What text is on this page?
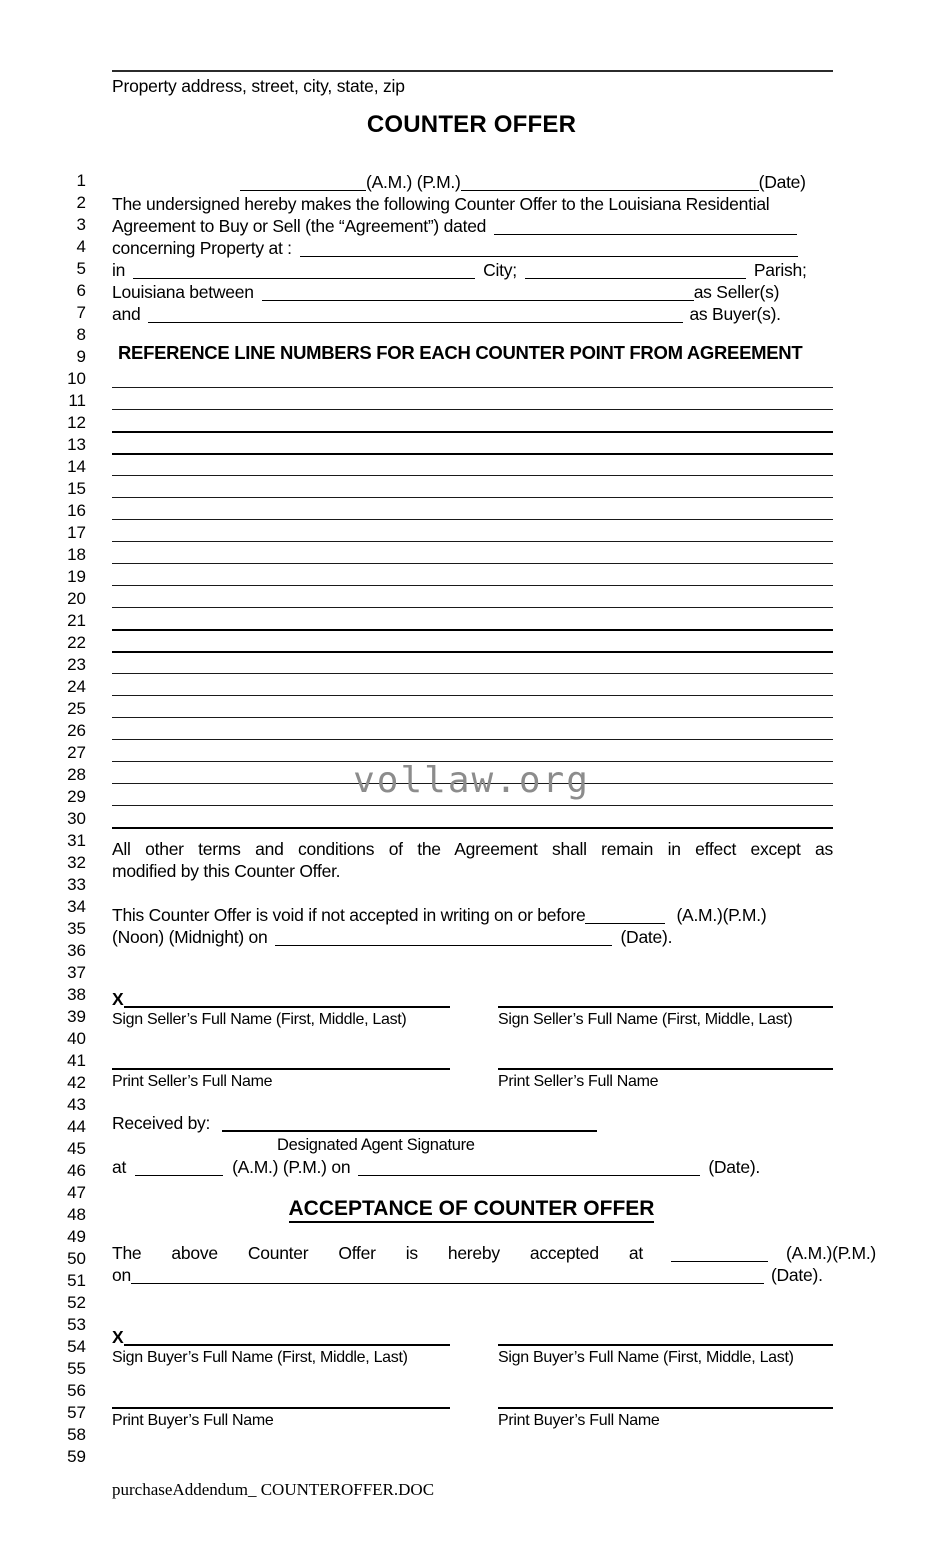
Property address, street, city, state, zip
COUNTER OFFER
1
2
3
4
5
6
7
8
9
10
11
12
13
14
15
16
17
18
19
20
21
22
23
24
25
26
27
28
29
30
31
32
33
34
35
36
37
38
39
40
41
42
43
44
45
46
47
48
49
50
51
52
53
54
55
56
57
58
59
(A.M.) (P.M.)	(Date)
The undersigned hereby makes the following Counter Offer to the Louisiana Residential
Agreement to Buy or Sell (the “Agreement”) dated
concerning Property at :
in	City;	Parish;
Louisiana between	as Seller(s)
and	as Buyer(s).
REFERENCE LINE NUMBERS FOR EACH COUNTER POINT FROM AGREEMENT
vollaw.org
All other terms and conditions of the Agreement shall remain in effect except as
modified by this Counter Offer.
This Counter Offer is void if not accepted in writing on or before	(A.M.)(P.M.)
(Noon) (Midnight) on	(Date).
X
Sign Seller’s Full Name (First, Middle, Last)	Sign Seller’s Full Name (First, Middle, Last)
Print Seller’s Full Name	Print Seller’s Full Name
Received by:
Designated Agent Signature
at	(A.M.) (P.M.) on	(Date).
ACCEPTANCE OF COUNTER OFFER
The above Counter Offer is hereby accepted at	(A.M.)(P.M.)
on	(Date).
X
Sign Buyer’s Full Name (First, Middle, Last)	Sign Buyer’s Full Name (First, Middle, Last)
Print Buyer’s Full Name	Print Buyer’s Full Name
purchaseAddendum_ COUNTEROFFER.DOC
